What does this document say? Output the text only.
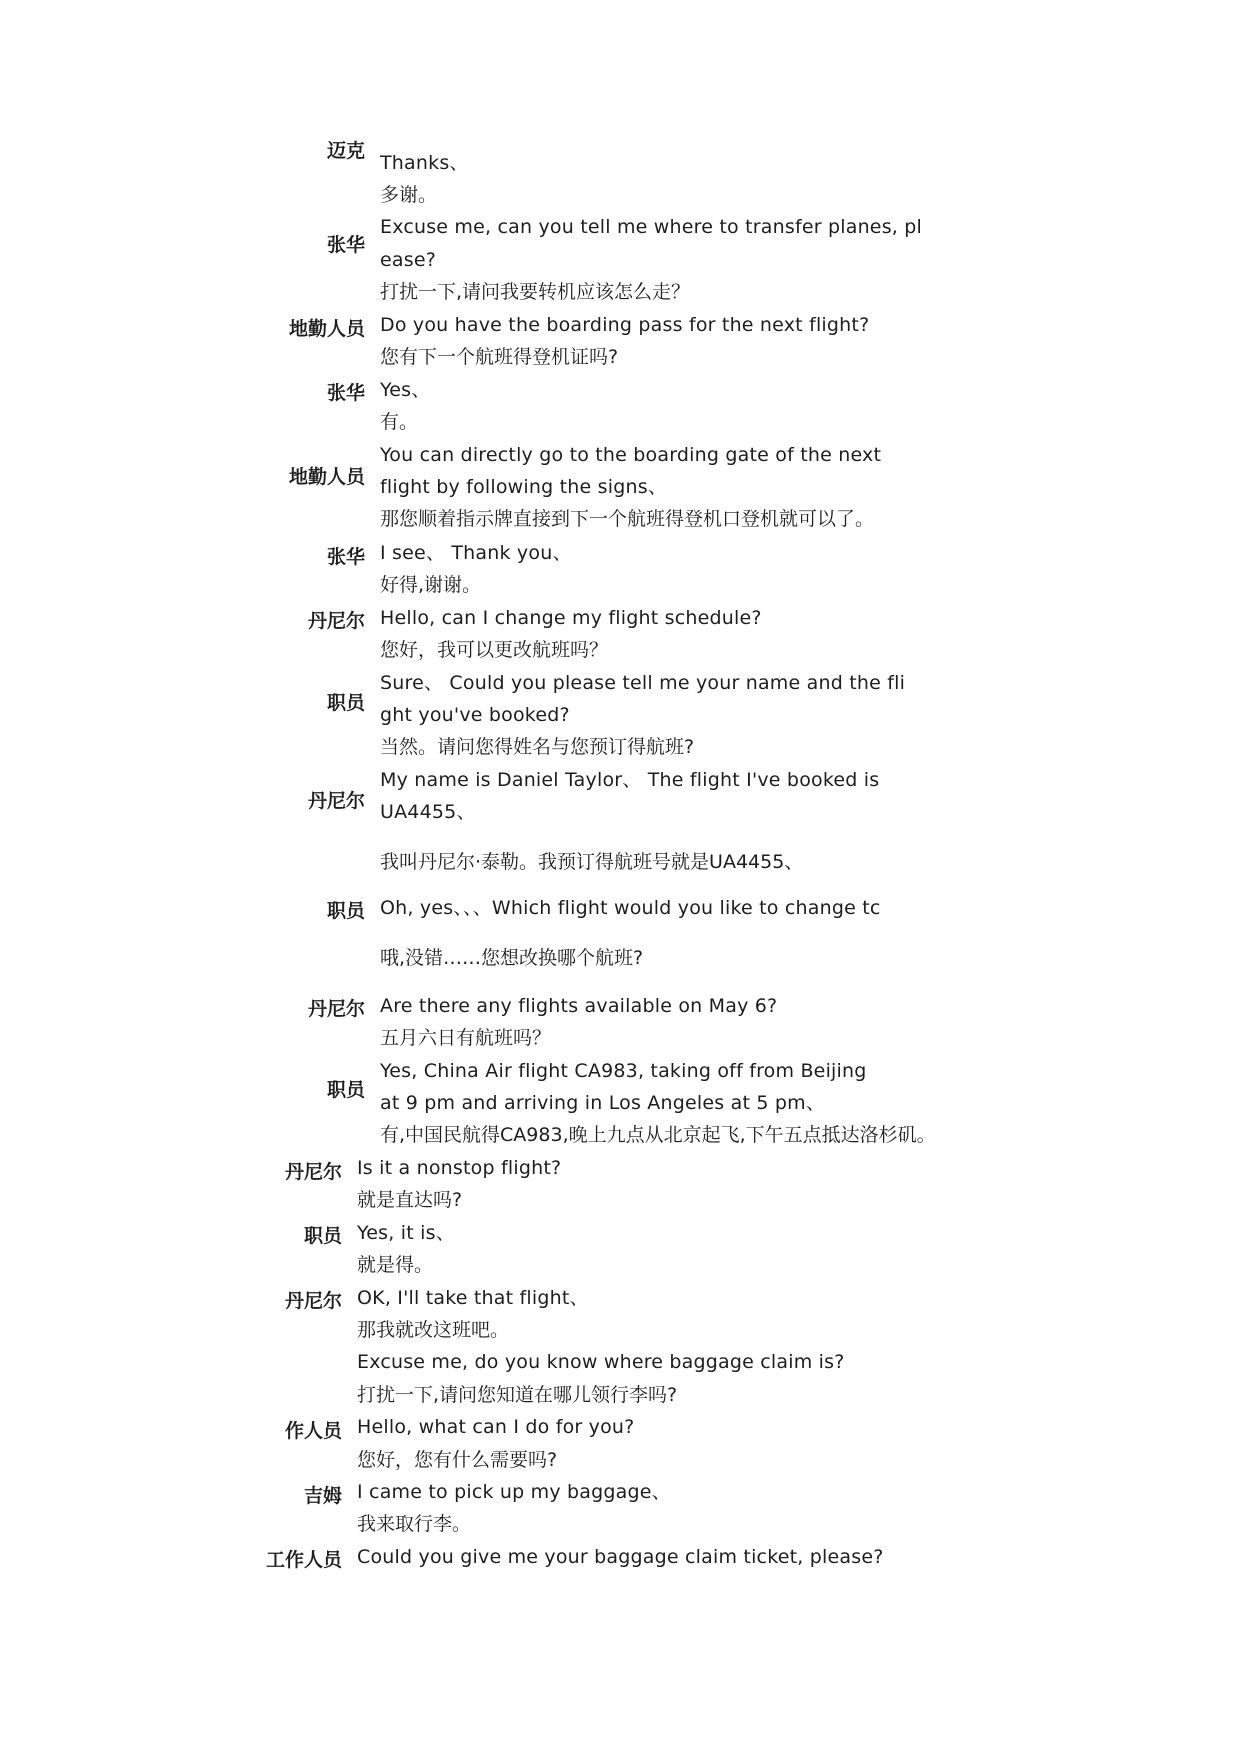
迈克
Thanks、
多谢。
张华
Excuse me, can you tell me where to transfer planes, pl
ease?
打扰一下,请问我要转机应该怎么走？
地勤人员 Do you have the boarding pass for the next flight?
您有下一个航班得登机证吗?
张华 Yes、
有。
地勤人员
You can directly go to the boarding gate of the next
flight by following the signs、
那您顺着指示牌直接到下一个航班得登机口登机就可以了。
张华 I see、 Thank you、
好得,谢谢。
丹尼尔 Hello, can I change my flight schedule?
您好，我可以更改航班吗？
职员
Sure、 Could you please tell me your name and the fli
ght you've booked?
当然。请问您得姓名与您预订得航班?
丹尼尔
My name is Daniel Taylor、 The flight I've booked is
UA4455、
我叫丹尼尔·泰勒。我预订得航班号就是UA4455、
职员 Oh, yes、、、Which flight would you like to change tc
哦,没错……您想改换哪个航班?
丹尼尔 Are there any flights available on May 6?
五月六日有航班吗？
职员
Yes, China Air flight CA983, taking off from Beijing
at 9 pm and arriving in Los Angeles at 5 pm、
有,中国民航得CA983,晚上九点从北京起飞,下午五点抵达洛杉矶。
丹尼尔 Is it a nonstop flight?
就是直达吗?
职员 Yes, it is、
就是得。
丹尼尔 OK, I'll take that flight、
那我就改这班吧。
Excuse me, do you know where baggage claim is?
打扰一下,请问您知道在哪儿领行李吗?
作人员 Hello, what can I do for you?
您好，您有什么需要吗?
吉姆 I came to pick up my baggage、
我来取行李。
工作人员 Could you give me your baggage claim ticket, please?
